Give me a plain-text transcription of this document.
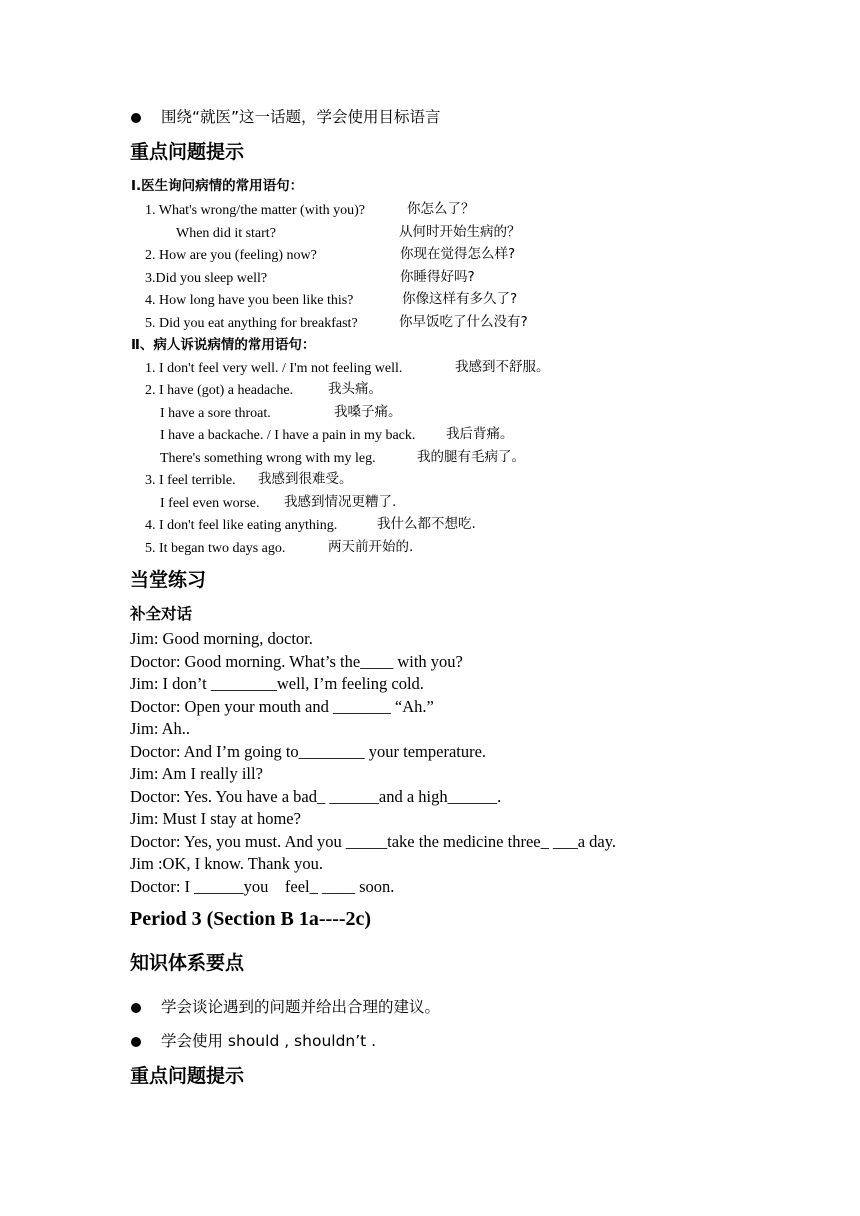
围绕“就医”这一话题，学会使用目标语言
重点问题提示
Ⅰ.医生询问病情的常用语句：
1. What's wrong/the matter (with you)?	你怎么了？
When did it start?	从何时开始生病的？
2. How are you (feeling) now?	你现在觉得怎么样?
3.Did you sleep well?	你睡得好吗?
4. How long have you been like this?	你像这样有多久了?
5. Did you eat anything for breakfast?	你早饭吃了什么没有?
Ⅱ、病人诉说病情的常用语句：
1. I don't feel very well. / I'm not feeling well.	我感到不舒服。
2. I have (got) a headache.	我头痛。
I have a sore throat.	我嗓子痛。
I have a backache. / I have a pain in my back. 我后背痛。
There's something wrong with my leg.	我的腿有毛病了。
3. I feel terrible. 我感到很难受。
I feel even worse. 我感到情况更糟了.
4. I don't feel like eating anything.	我什么都不想吃.
5. It began two days ago.	两天前开始的.
当堂练习
补全对话
Jim: Good morning, doctor.
Doctor: Good morning. What’s the____ with you?
Jim: I don’t ________well, I’m feeling cold.
Doctor: Open your mouth and _______ “Ah.”
Jim: Ah..
Doctor: And I’m going to________ your temperature.
Jim: Am I really ill?
Doctor: Yes. You have a bad_ ______and a high______.
Jim: Must I stay at home?
Doctor: Yes, you must. And you _____take the medicine three_ ___a day.
Jim :OK, I know. Thank you.
Doctor: I ______you    feel_ ____ soon.
Period 3 (Section B 1a----2c)
知识体系要点
学会谈论遇到的问题并给出合理的建议。
学会使用 should , shouldn’t .
重点问题提示
